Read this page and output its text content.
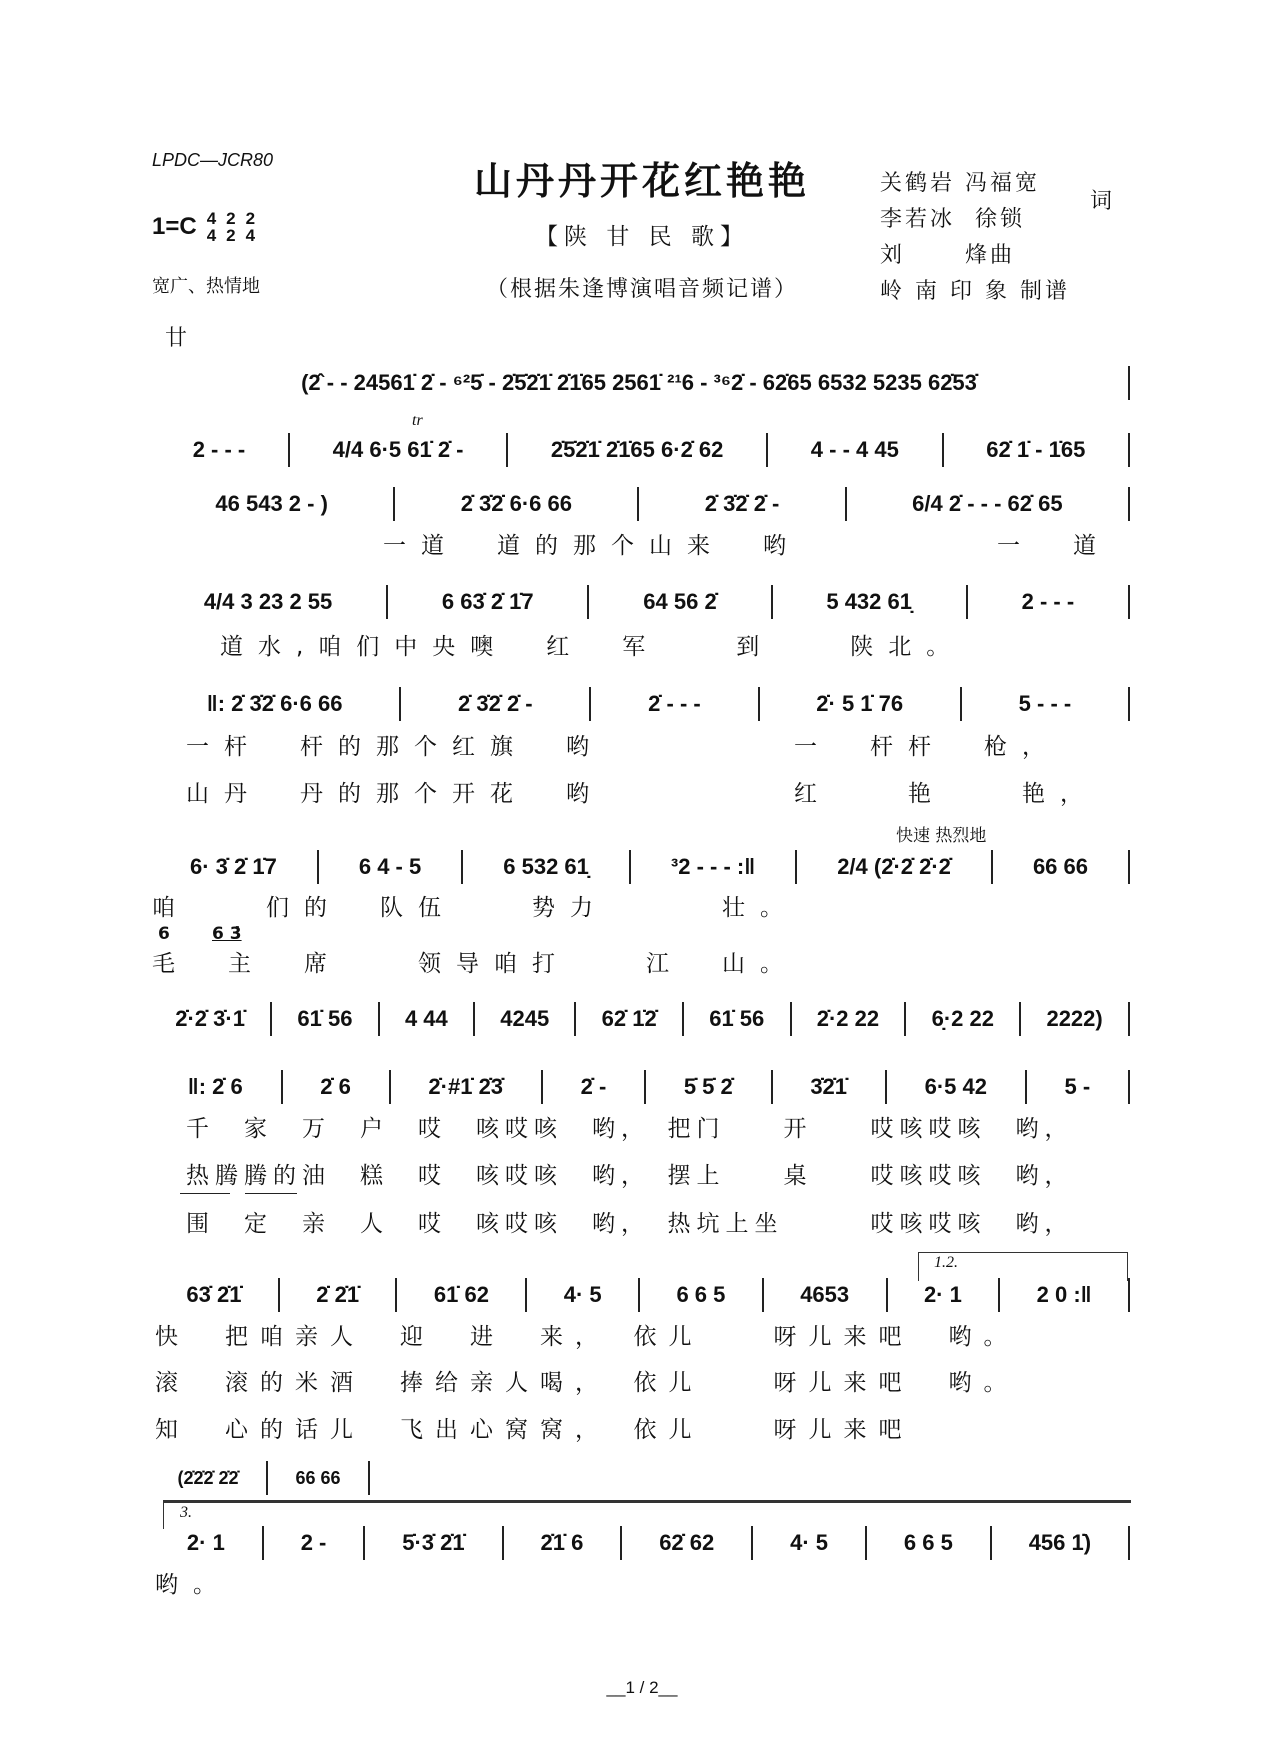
LPDC—JCR80
1=C 4
4
2
2
2
4
宽广、热情地
山丹丹开花红艳艳
【陕 甘 民 歌】
（根据朱逢博演唱音频记谱）
关鹤岩 冯福宽
李若冰  徐锁
词
刘      烽曲
岭 南 印 象 制谱
廿
tr
快速 热烈地
(2̂ - - 24561̇ 2̇ - ⁶²5̇ - 2̇5̇2̇1̇ 2̇1̇65 2561̇ ²¹6 - ³⁶2̇ - 62̇65 6532 5235 62̇53̇
2 - - -	4/4 6·5 61̇ 2̇ -	2̇5̇2̇1̇ 2̇1̇65 6·2̇ 62	4 - - 4 45	62̇ 1̇ - 1̇65
46 543 2 - )	2̇ 3̇2̇ 6·6 66	2̇ 3̇2̇ 2̇ -	6/4 2̇ - - - 62̇ 65
4/4 3 23 2 55	6 63̇ 2̇ 1̇7	64 56 2̇	5 432 61̣	2 - - -
‖: 2̇ 3̇2̇ 6·6 66	2̇ 3̇2̇ 2̇ -	2̇ - - -	2̇· 5 1̇ 76	5 - - -
6· 3̇ 2̇ 1̇7	6 4 - 5	6 532 61̣	³2 - - - :‖	2/4 (2̇·2̇ 2̇·2̇	66 66
2̇·2̇ 3̇·1̇	61̇ 56	4 44	4245	62̇ 1̇2̇	61̇ 56	2̇·2 22	6̣·2 22	2222)
‖: 2̇ 6	2̇ 6	2̇·#1̇ 2̇3̇	2̇ -	5̇ 5̇ 2̇	3̇2̇1̇	6·5 42	5 -
63̇ 2̇1̇	2̇ 2̇1̇	61̇ 62	4· 5	6 6 5	4653	2· 1	2 0 :‖
(2̇2̇2̇ 2̇2̇	66 66
2· 1	2 -	5̇·3̇ 2̇1̇	2̇1̇ 6	62̇ 62	4· 5	6 6 5	456 1̇)
1.2.
3.
一道　道的那个山来　哟	一　道
道水,咱们中央噢　红　军　　到　　陕北。
一杆　杆的那个红旗　哟　　　　　一　杆杆　枪，
山丹　丹的那个开花　哟　　　　　红　　艳　　艳，
咱　　们的　队伍　　势力　　　壮。
6 6 3̇
毛　主　席　　领导咱打　　江　山。
千　家　万　户　哎　咳哎咳　哟，　把门　　开　　哎咳哎咳　哟，
热腾腾的油　糕　哎　咳哎咳　哟，　摆上　　桌　　哎咳哎咳　哟，
围　定　亲　人　哎　咳哎咳　哟，　热坑上坐　　　哎咳哎咳　哟，
快　把咱亲人　迎　进　来，　依儿　　呀儿来吧　哟。
滚　滚的米酒　捧给亲人喝，　依儿　　呀儿来吧　哟。
知　心的话儿　飞出心窝窝，　依儿　　呀儿来吧
哟。
__1 / 2__
